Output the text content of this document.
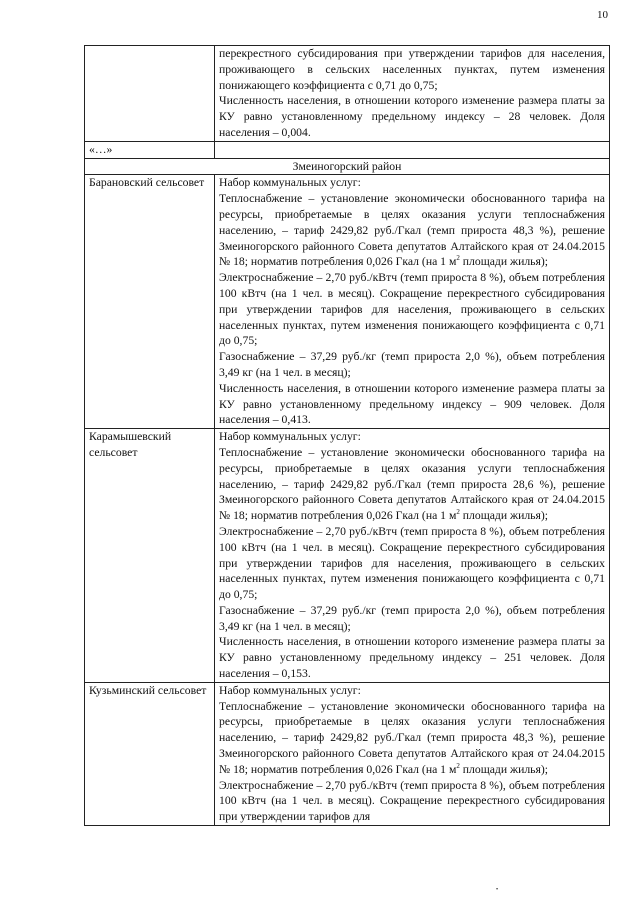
10

	перекрестного субсидирования при утверждении тарифов для населения, проживающего в сельских населенных пунктах, путем изменения понижающего коэффициента с 0,71 до 0,75;

Численность населения, в отношении которого изменение размера платы за КУ равно установленному предельному индексу – 28 человек. Доля населения – 0,004.

«…»	
Змеиногорский район	
Барановский сельсовет	Набор коммунальных услуг:

Теплоснабжение – установление экономически обоснованного тарифа на ресурсы, приобретаемые в целях оказания услуги теплоснабжения населению, – тариф 2429,82 руб./Гкал (темп прироста 48,3 %), решение Змеиногорского районного Совета депутатов Алтайского края от 24.04.2015 № 18; норматив потребления 0,026 Гкал (на 1 $м^2$ площади жилья);

Электроснабжение – 2,70 руб./кВтч (темп прироста 8 %), объем потребления 100 кВтч (на 1 чел. в месяц). Сокращение перекрестного субсидирования при утверждении тарифов для населения, проживающего в сельских населенных пунктах, путем изменения понижающего коэффициента с 0,71 до 0,75;

Газоснабжение – 37,29 руб./кг (темп прироста 2,0 %), объем потребления 3,49 кг (на 1 чел. в месяц);

Численность населения, в отношении которого изменение размера платы за КУ равно установленному предельному индексу – 909 человек. Доля населения – 0,413.

Карамышевский сельсовет	Набор коммунальных услуг:

Теплоснабжение – установление экономически обоснованного тарифа на ресурсы, приобретаемые в целях оказания услуги теплоснабжения населению, – тариф 2429,82 руб./Гкал (темп прироста 28,6 %), решение Змеиногорского районного Совета депутатов Алтайского края от 24.04.2015 № 18; норматив потребления 0,026 Гкал (на 1 $м^2$ площади жилья);

Электроснабжение – 2,70 руб./кВтч (темп прироста 8 %), объем потребления 100 кВтч (на 1 чел. в месяц). Сокращение перекрестного субсидирования при утверждении тарифов для населения, проживающего в сельских населенных пунктах, путем изменения понижающего коэффициента с 0,71 до 0,75;

Газоснабжение – 37,29 руб./кг (темп прироста 2,0 %), объем потребления 3,49 кг (на 1 чел. в месяц);

Численность населения, в отношении которого изменение размера платы за КУ равно установленному предельному индексу – 251 человек. Доля населения – 0,153.

Кузьминский сельсовет	Набор коммунальных услуг:

Теплоснабжение – установление экономически обоснованного тарифа на ресурсы, приобретаемые в целях оказания услуги теплоснабжения населению, – тариф 2429,82 руб./Гкал (темп прироста 48,3 %), решение Змеиногорского районного Совета депутатов Алтайского края от 24.04.2015 № 18; норматив потребления 0,026 Гкал (на 1 $м^2$ площади жилья);

Электроснабжение – 2,70 руб./кВтч (темп прироста 8 %), объем потребления 100 кВтч (на 1 чел. в месяц). Сокращение перекрестного субсидирования при утверждении тарифов для

•
